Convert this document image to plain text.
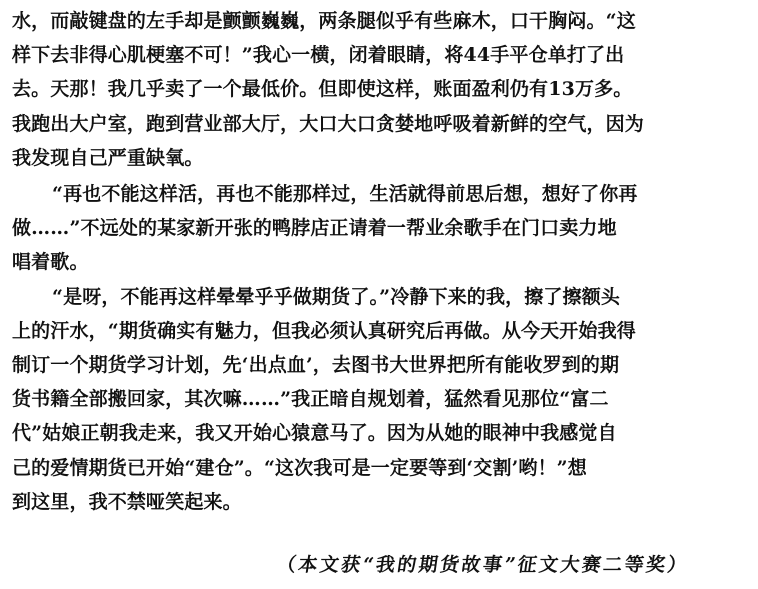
水，而敲键盘的左手却是颤颤巍巍，两条腿似乎有些麻木，口干胸闷。“这
样下去非得心肌梗塞不可！”我心一横，闭着眼睛，将44手平仓单打了出
去。天那！我几乎卖了一个最低价。但即使这样，账面盈利仍有13万多。
我跑出大户室，跑到营业部大厅，大口大口贪婪地呼吸着新鲜的空气，因为
我发现自己严重缺氧。
“再也不能这样活，再也不能那样过，生活就得前思后想，想好了你再
做……”不远处的某家新开张的鸭脖店正请着一帮业余歌手在门口卖力地
唱着歌。
“是呀，不能再这样晕晕乎乎做期货了。”冷静下来的我，擦了擦额头
上的汗水，“期货确实有魅力，但我必须认真研究后再做。从今天开始我得
制订一个期货学习计划，先‘出点血’，去图书大世界把所有能收罗到的期
货书籍全部搬回家，其次嘛……”我正暗自规划着，猛然看见那位“富二
代”姑娘正朝我走来，我又开始心猿意马了。因为从她的眼神中我感觉自
己的爱情期货已开始“建仓”。“这次我可是一定要等到‘交割’哟！”想
到这里，我不禁哑笑起来。
（本文获“我的期货故事”征文大赛二等奖）
